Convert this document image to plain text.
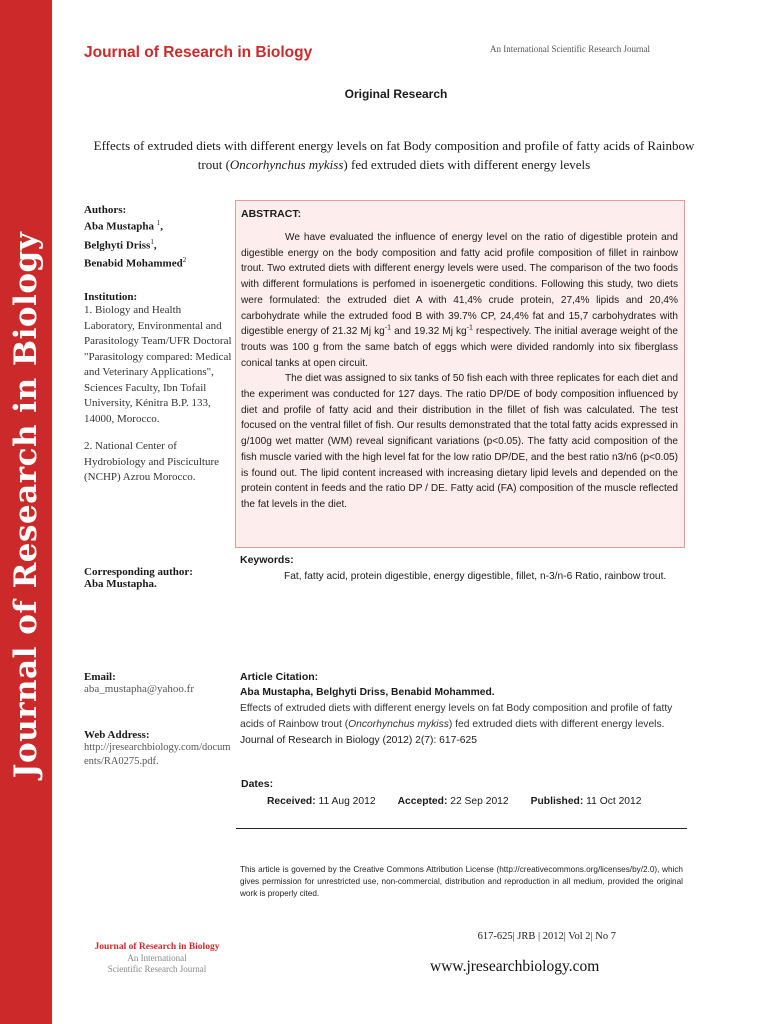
Journal of Research in Biology
Journal of Research in Biology	An International Scientific Research Journal
Original Research
Effects of extruded diets with different energy levels on fat Body composition and profile of fatty acids of Rainbow trout (Oncorhynchus mykiss) fed extruded diets with different energy levels
Authors:
Aba Mustapha $^1$,
Belghyti Driss$^1$,
Benabid Mohammed$^2$
Institution:
1. Biology and Health Laboratory, Environmental and Parasitology Team/UFR Doctoral "Parasitology compared: Medical and Veterinary Applications", Sciences Faculty, Ibn Tofail University, Kénitra B.P. 133, 14000, Morocco.
2. National Center of Hydrobiology and Pisciculture (NCHP) Azrou Morocco.
Corresponding author:
Aba Mustapha.
Email:
aba_mustapha@yahoo.fr
Web Address:
http://jresearchbiology.com/documents/RA0275.pdf.
ABSTRACT:

We have evaluated the influence of energy level on the ratio of digestible protein and digestible energy on the body composition and fatty acid profile composition of fillet in rainbow trout. Two extruted diets with different energy levels were used. The comparison of the two foods with different formulations is perfomed in isoenergetic conditions. Following this study, two diets were formulated: the extruded diet A with 41,4% crude protein, 27,4% lipids and 20,4% carbohydrate while the extruded food B with 39.7% CP, 24,4% fat and 15,7 carbohydrates with digestible energy of 21.32 Mj $kg^{-1}$ and 19.32 Mj $kg^{-1}$ respectively. The initial average weight of the trouts was 100 g from the same batch of eggs which were divided randomly into six fiberglass conical tanks at open circuit.

The diet was assigned to six tanks of 50 fish each with three replicates for each diet and the experiment was conducted for 127 days. The ratio DP/DE of body composition influenced by diet and profile of fatty acid and their distribution in the fillet of fish was calculated. The test focused on the ventral fillet of fish. Our results demonstrated that the total fatty acids expressed in g/100g wet matter (WM) reveal significant variations (p<0.05). The fatty acid composition of the fish muscle varied with the high level fat for the low ratio DP/DE, and the best ratio n3/n6 (p<0.05) is found out. The lipid content increased with increasing dietary lipid levels and depended on the protein content in feeds and the ratio DP / DE. Fatty acid (FA) composition of the muscle reflected the fat levels in the diet.

Keywords:
Fat, fatty acid, protein digestible, energy digestible, fillet, n-3/n-6 Ratio, rainbow trout.
Article Citation:
Aba Mustapha, Belghyti Driss, Benabid Mohammed.
Effects of extruded diets with different energy levels on fat Body composition and profile of fatty acids of Rainbow trout (Oncorhynchus mykiss) fed extruded diets with different energy levels.
Journal of Research in Biology (2012) 2(7): 617-625
Dates:
Received: 11 Aug 2012 Accepted: 22 Sep 2012 Published: 11 Oct 2012
This article is governed by the Creative Commons Attribution License (http://creativecommons.org/licenses/by/2.0), which gives permission for unrestricted use, non-commercial, distribution and reproduction in all medium, provided the original work is properly cited.
Journal of Research in Biology
An International
Scientific Research Journal
617-625| JRB | 2012| Vol 2| No 7
www.jresearchbiology.com
